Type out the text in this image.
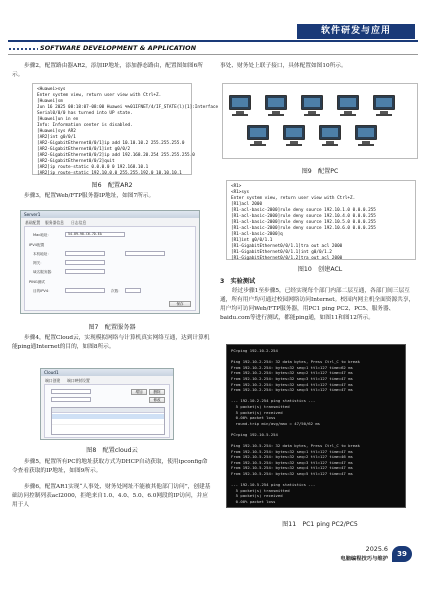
软件研发与应用
SOFTWARE DEVELOPMENT & APPLICATION
步骤2，配置路由器AR2，添加IP地址，添加静态路由，配置图如图6所示。
<Huawei>sys
Enter system view, return user view with Ctrl+Z.
[Huawei]sm
Jun 16 2025 08:18:07-08:00 Huawei %%01IFNET/4/IF_STATE(l)[1]:Interface
Serial0/0/0 has turned into UP state.
[Huawei]un in en
Info: Information center is disabled.
[Huawei]sys AR2
[AR2]int g0/0/1
[AR2-GigabitEthernet0/0/1]ip add 10.10.10.2 255.255.255.0
[AR2-GigabitEthernet0/0/1]int g0/0/2
[AR2-GigabitEthernet0/0/2]ip add 192.168.20.254 255.255.255.0
[AR2-GigabitEthernet0/0/2]quit
[AR2]ip route-static 0.0.0.0 0 192.168.10.1
[AR2]ip route-static 192.10.0.0 255.255.192.0 10.10.10.1
图6　配置AR2
步骤3，配置Web/FTP服务器IP地址，如图7所示。
Server1
基础配置 服务器信息 日志信息
Mac地址：	54-89-98-C6-7D-EA
IPV4配置
本机地址：
网关：
域名服务器：
PING测试
目的IPV4：	次数：
保存
图7　配置服务器
步骤4，配置Cloud云，实现模拟网络与计算机真实网络互通，达到计算机能ping通Internet的目的，如图8所示。
Cloud1
端口创建 端口映射设置
增加	删除
修改
图8　配置cloud云
步骤5，配置所有PC的地址获取方式为DHCP自动获取，使用ipconfig命令查看获取的IP地址，如图9所示。
步骤6，配置AR1实现“人事处、财务处网址不能被其他部门访问”，创建基础访问控制列表acl2000，拒绝来自1.0、4.0、5.0、6.0网段的IP访问，并应用于人
事处、财务处上联子接口，具体配置如图10所示。
图9　配置PC
<R1>
<R1>sys
Enter system view, return user view with Ctrl+Z.
[R1]acl 2000
[R1-acl-basic-2000]rule deny source 192.10.1.0 0.0.0.255
[R1-acl-basic-2000]rule deny source 192.10.4.0 0.0.0.255
[R1-acl-basic-2000]rule deny source 192.10.5.0 0.0.0.255
[R1-acl-basic-2000]rule deny source 192.10.6.0 0.0.0.255
[R1-acl-basic-2000]q
[R1]int g0/0/1.1
[R1-GigabitEthernet0/0/1.1]tra out acl 2000
[R1-GigabitEthernet0/0/1.1]int g0/0/1.2
[R1-GigabitEthernet0/0/1.2]tra out acl 2000
图10　创建ACL
3　实验测试
经过步骤1至步骤5，已经实现每个部门内部二层互通，各部门间三层互通，所有用户均可通过校园网络访问Internet。校园内网主机全面资源共享，用户均可访问Web/FTP服务器，用PC1 ping PC2、PC5、服务器、baidu.com等进行测试，都能ping通，如图11和图12所示。
PC>ping 192.10.2.254

Ping 192.10.2.254: 32 data bytes, Press Ctrl_C to break
From 192.10.2.254: bytes=32 seq=1 ttl=127 time=62 ms
From 192.10.2.254: bytes=32 seq=2 ttl=127 time=47 ms
From 192.10.2.254: bytes=32 seq=3 ttl=127 time=47 ms
From 192.10.2.254: bytes=32 seq=4 ttl=127 time=47 ms
From 192.10.2.254: bytes=32 seq=5 ttl=127 time=47 ms

--- 192.10.2.254 ping statistics ---
5 packet(s) transmitted
5 packet(s) received
0.00% packet loss
round-trip min/avg/max = 47/50/62 ms

PC>ping 192.10.5.254

Ping 192.10.5.254: 32 data bytes, Press Ctrl_C to break
From 192.10.5.254: bytes=32 seq=1 ttl=127 time=47 ms
From 192.10.5.254: bytes=32 seq=2 ttl=127 time=46 ms
From 192.10.5.254: bytes=32 seq=3 ttl=127 time=47 ms
From 192.10.5.254: bytes=32 seq=4 ttl=127 time=47 ms
From 192.10.5.254: bytes=32 seq=5 ttl=127 time=47 ms

--- 192.10.5.254 ping statistics ---
5 packet(s) transmitted
5 packet(s) received
0.00% packet loss
图11　PC1 ping PC2/PC5
2025.6
电脑编程技巧与维护
39
